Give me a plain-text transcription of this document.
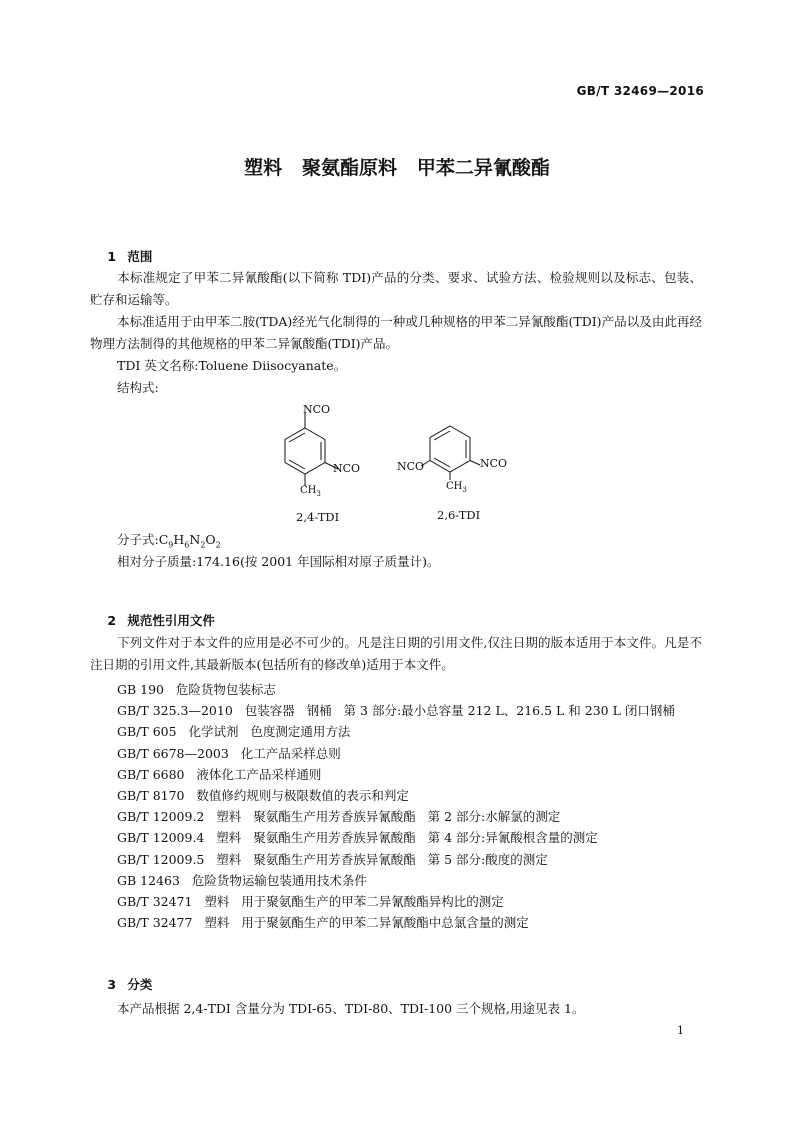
GB/T 32469—2016
塑料   聚氨酯原料   甲苯二异氰酸酯

1 范围

本标准规定了甲苯二异氰酸酯(以下简称 TDI)产品的分类、要求、试验方法、检验规则以及标志、包装、贮存和运输等。
本标准适用于由甲苯二胺(TDA)经光气化制得的一种或几种规格的甲苯二异氰酸酯(TDI)产品以及由此再经物理方法制得的其他规格的甲苯二异氰酸酯(TDI)产品。
TDI 英文名称:Toluene Diisocyanate。
结构式:
NCO
NCO
$CH_3$
2,4-TDI
NCO	NCO
$CH_3$
2,6-TDI
分子式$:C_9H_6N_2O_2$
相对分子质量:174.16(按 2001 年国际相对原子质量计)。

2 规范性引用文件

下列文件对于本文件的应用是必不可少的。凡是注日期的引用文件,仅注日期的版本适用于本文件。凡是不注日期的引用文件,其最新版本(包括所有的修改单)适用于本文件。
GB 190   危险货物包装标志
GB/T 325.3—2010   包装容器   钢桶   第 3 部分:最小总容量 212 L、216.5 L 和 230 L 闭口钢桶
GB/T 605   化学试剂   色度测定通用方法
GB/T 6678—2003   化工产品采样总则
GB/T 6680   液体化工产品采样通则
GB/T 8170   数值修约规则与极限数值的表示和判定
GB/T 12009.2   塑料   聚氨酯生产用芳香族异氰酸酯   第 2 部分:水解氯的测定
GB/T 12009.4   塑料   聚氨酯生产用芳香族异氰酸酯   第 4 部分:异氰酸根含量的测定
GB/T 12009.5   塑料   聚氨酯生产用芳香族异氰酸酯   第 5 部分:酸度的测定
GB 12463   危险货物运输包装通用技术条件
GB/T 32471   塑料   用于聚氨酯生产的甲苯二异氰酸酯异构比的测定
GB/T 32477   塑料   用于聚氨酯生产的甲苯二异氰酸酯中总氯含量的测定

3 分类

本产品根据 2,4-TDI 含量分为 TDI-65、TDI-80、TDI-100 三个规格,用途见表 1。
1
